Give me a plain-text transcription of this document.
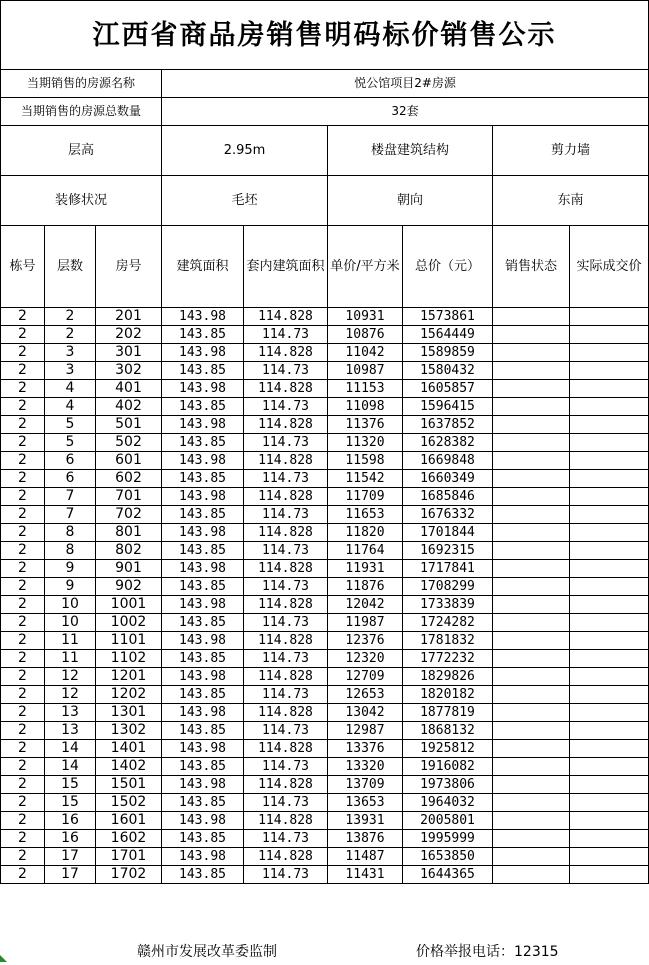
江西省商品房销售明码标价销售公示								
当期销售的房源名称			悦公馆项目2#房源					
当期销售的房源总数量			32套					
层高			2.95m		楼盘建筑结构		剪力墙	
装修状况			毛坯		朝向		东南	
栋号	层数	房号	建筑面积	套内建筑面积	单价/平方米	总价（元）	销售状态	实际成交价
2	2	201	143.98	114.828	10931	1573861		
2	2	202	143.85	114.73	10876	1564449		
2	3	301	143.98	114.828	11042	1589859		
2	3	302	143.85	114.73	10987	1580432		
2	4	401	143.98	114.828	11153	1605857		
2	4	402	143.85	114.73	11098	1596415		
2	5	501	143.98	114.828	11376	1637852		
2	5	502	143.85	114.73	11320	1628382		
2	6	601	143.98	114.828	11598	1669848		
2	6	602	143.85	114.73	11542	1660349		
2	7	701	143.98	114.828	11709	1685846		
2	7	702	143.85	114.73	11653	1676332		
2	8	801	143.98	114.828	11820	1701844		
2	8	802	143.85	114.73	11764	1692315		
2	9	901	143.98	114.828	11931	1717841		
2	9	902	143.85	114.73	11876	1708299		
2	10	1001	143.98	114.828	12042	1733839		
2	10	1002	143.85	114.73	11987	1724282		
2	11	1101	143.98	114.828	12376	1781832		
2	11	1102	143.85	114.73	12320	1772232		
2	12	1201	143.98	114.828	12709	1829826		
2	12	1202	143.85	114.73	12653	1820182		
2	13	1301	143.98	114.828	13042	1877819		
2	13	1302	143.85	114.73	12987	1868132		
2	14	1401	143.98	114.828	13376	1925812		
2	14	1402	143.85	114.73	13320	1916082		
2	15	1501	143.98	114.828	13709	1973806		
2	15	1502	143.85	114.73	13653	1964032		
2	16	1601	143.98	114.828	13931	2005801		
2	16	1602	143.85	114.73	13876	1995999		
2	17	1701	143.98	114.828	11487	1653850		
2	17	1702	143.85	114.73	11431	1644365		
赣州市发展改革委监制	价格举报电话：12315
